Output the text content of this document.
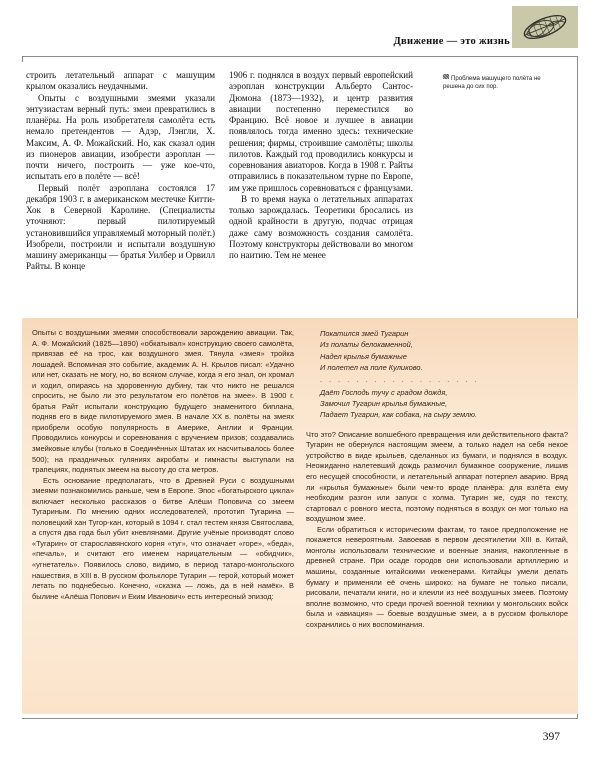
Движение — это жизнь

строить летательный аппарат с машущим крылом оказались неудачными.

Опыты с воздушными змеями указали энтузиастам верный путь: змеи превратились в планёры. На роль изобретателя самолёта есть немало претендентов — Адэр, Лэнгли, Х. Максим, А. Ф. Можайский. Но, как сказал один из пионеров авиации, изобрести аэроплан — почти ничего, построить — уже кое-что, испытать его в полёте — всё!

Первый полёт аэроплана состоялся 17 декабря 1903 г. в американском местечке Китти-Хок в Северной Каролине. (Специалисты уточняют: первый пилотируемый установившийся управляемый моторный полёт.) Изобрели, построили и испытали воздушную машину американцы — братья Уилбер и Орвилл Райты. В конце

1906 г. поднялся в воздух первый европейский аэроплан конструкции Альберто Сантос-Дюмона (1873—1932), и центр развития авиации постепенно переместился во Францию. Всё новое и лучшее в авиации появлялось тогда именно здесь: технические решения; фирмы, строившие самолёты; школы пилотов. Каждый год проводились конкурсы и соревнования авиаторов. Когда в 1908 г. Райты отправились в показательном турне по Европе, им уже пришлось соревноваться с французами.

В то время наука о летательных аппаратах только зарождалась. Теоретики бросались из одной крайности в другую, подчас отрицая даже саму возможность создания самолёта. Поэтому конструкторы действовали во многом по наитию. Тем не менее

Проблема машущего полёта не решена до сих пор.

Опыты с воздушными змеями способствовали зарождению авиации. Так, А. Ф. Можайский (1825—1890) «обкатывал» конструкцию своего самолёта, привязав её на трос, как воздушного змея. Тянула «змея» тройка лошадей. Вспоминая это событие, академик А. Н. Крылов писал: «Удачно или нет, сказать не могу, но, во всяком случае, когда я его знал, он хромал и ходил, опираясь на здоровенную дубину, так что никто не решался спросить, не было ли это результатом его полётов на змее». В 1900 г. братья Райт испытали конструкцию будущего знаменитого биплана, подняв его в виде пилотируемого змея. В начале XX в. полёты на змеях приобрели особую популярность в Америке, Англии и Франции. Проводились конкурсы и соревнования с вручением призов; создавались змейковые клубы (только в Соединённых Штатах их насчитывалось более 500); на праздничных гуляниях акробаты и гимнасты выступали на трапециях, поднятых змеем на высоту до ста метров.

Есть основание предполагать, что в Древней Руси с воздушными змеями познакомились раньше, чем в Европе. Эпос «богатырского цикла» включает несколько рассказов о битве Алёши Поповича со змеем Тугариным. По мнению одних исследователей, прототип Тугарина — половецкий хан Тугор-кан, который в 1094 г. стал тестем князя Святослава, а спустя два года был убит кневлянами. Другие учёные производят слово «Тугарин» от старославянского корня «туг», что означает «горе», «беда», «печаль», и считают его именем нарицательным — «обидчик», «угнетатель». Появилось слово, видимо, в период татаро-монгольского нашествия, в XIII в. В русском фольклоре Тугарин — герой, который может летать по поднебесью. Конечно, «сказка — ложь, да в ней намёк». В былине «Алёша Попович и Еким Иванович» есть интересный эпизод:

Покатился змей Тугарин
Из полаты белокаменной,
Надел крылья бумажные
И полетел на поле Куликово.
. . . . . . . . . . . . . . . . . .
Даёт Господь тучу с градом дождя,
Замочил Тугарин крылья бумажные,
Падает Тугарин, как собака, на сыру землю.

Что это? Описание волшебного превращения или действительного факта? Тугарин не обернулся настоящим змеем, а только надел на себя некое устройство в виде крыльев, сделанных из бумаги, и поднялся в воздух. Неожиданно налетевший дождь размочил бумажное сооружение, лишив его несущей способности, и летательный аппарат потерпел аварию. Вряд ли «крылья бумажные» были чем-то вроде планёра: для взлёта ему необходим разгон или запуск с холма. Тугарин же, судя по тексту, стартовал с ровного места, поэтому подняться в воздух он мог только на воздушном змее.

Если обратиться к историческим фактам, то такое предположение не покажется невероятным. Завоевав в первом десятилетии XIII в. Китай, монголы использовали технические и военные знания, накопленные в древней стране. При осаде городов они использовали артиллерию и машины, созданные китайскими инженерами. Китайцы умели делать бумагу и применяли её очень широко: на бумаге не только писали, рисовали, печатали книги, но и клеили из неё воздушных змеев. Поэтому вполне возможно, что среди прочей военной техники у монгольских войск была и «авиация» — боевые воздушные змеи, а в русском фольклоре сохранились о них воспоминания.

397
